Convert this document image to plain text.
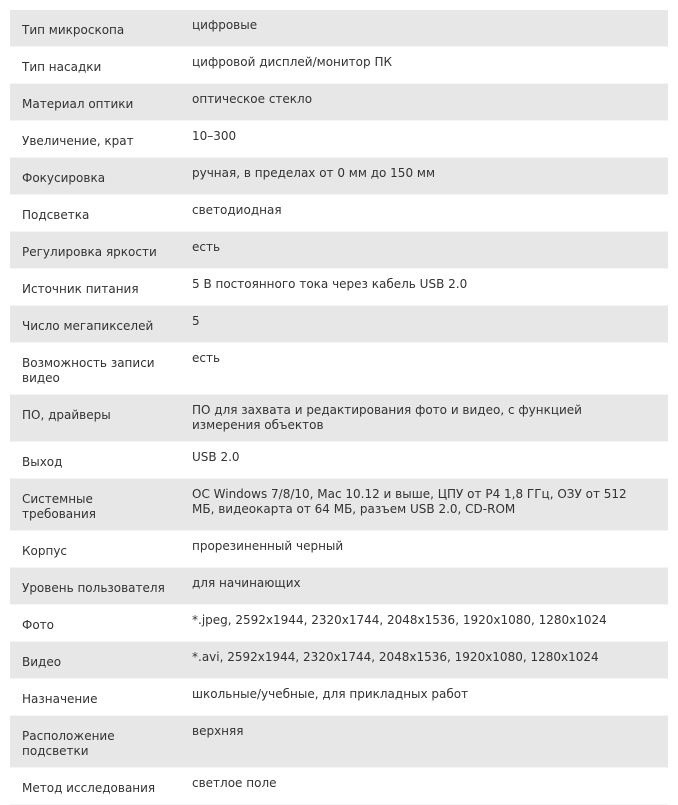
Тип микроскопа	цифровые

Тип насадки	цифровой дисплей/монитор ПК

Материал оптики	оптическое стекло

Увеличение, крат	10–300

Фокусировка	ручная, в пределах от 0 мм до 150 мм

Подсветка	светодиодная

Регулировка яркости	есть

Источник питания	5 В постоянного тока через кабель USB 2.0

Число мегапикселей	5

Возможность записи видео	есть

ПО, драйверы	ПО для захвата и редактирования фото и видео, с функцией измерения объектов

Выход	USB 2.0

Системные требования	OC Windows 7/8/10, Mac 10.12 и выше, ЦПУ от P4 1,8 ГГц, ОЗУ от 512 МБ, видеокарта от 64 МБ, разъем USB 2.0, CD-ROM

Корпус	прорезиненный черный

Уровень пользователя	для начинающих

Фото	*.jpeg, 2592x1944, 2320x1744, 2048x1536, 1920x1080, 1280x1024

Видео	*.avi, 2592x1944, 2320x1744, 2048x1536, 1920x1080, 1280x1024

Назначение	школьные/учебные, для прикладных работ

Расположение подсветки	верхняя

Метод исследования	светлое поле
